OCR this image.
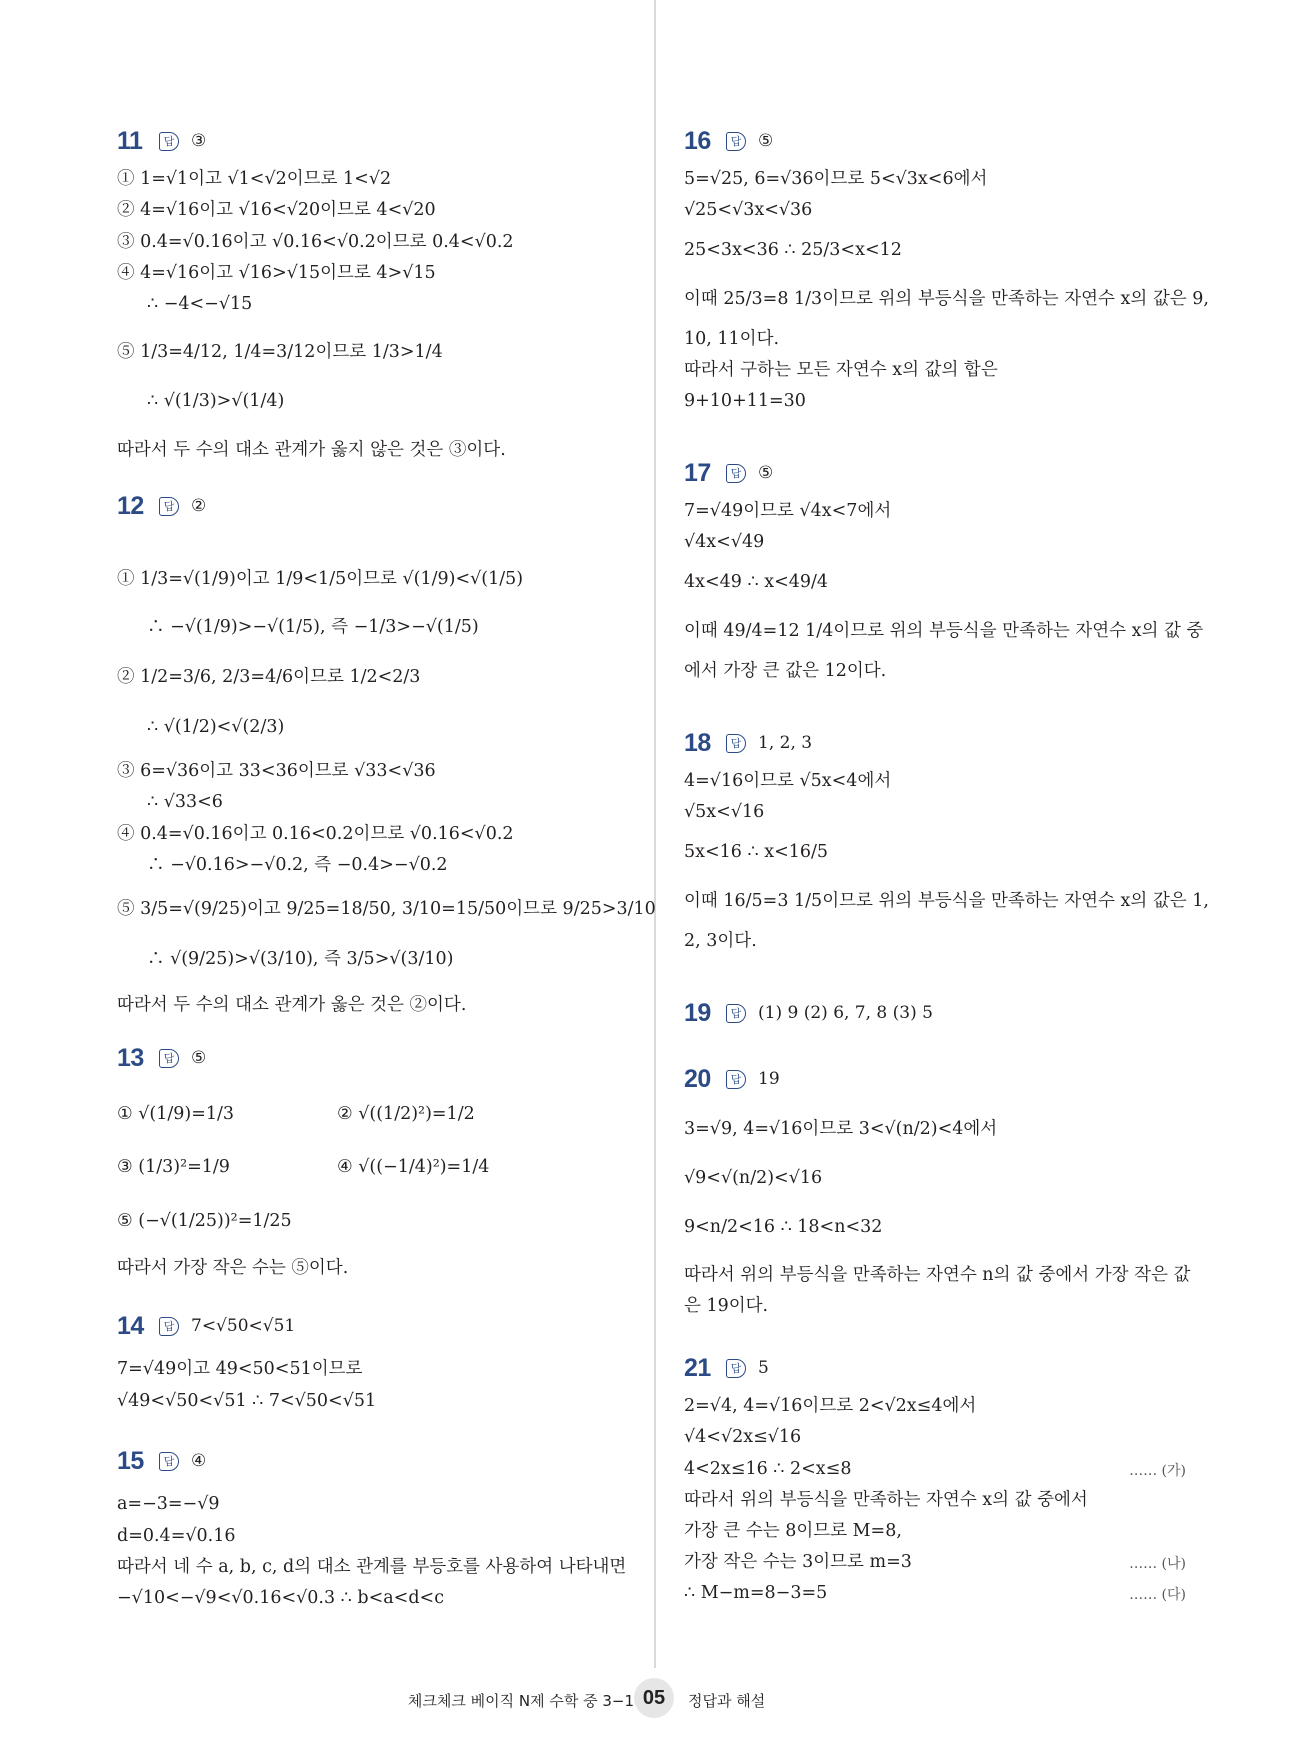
11	답 ③
① 1=√1이고 √1<√2이므로 1<√2
② 4=√16이고 √16<√20이므로 4<√20
③ 0.4=√0.16이고 √0.16<√0.2이므로 0.4<√0.2
④ 4=√16이고 √16>√15이므로 4>√15
∴ −4<−√15
⑤ 1/3=4/12, 1/4=3/12이므로 1/3>1/4
∴ √(1/3)>√(1/4)
따라서 두 수의 대소 관계가 옳지 않은 것은 ③이다.
12	답 ②
① 1/3=√(1/9)이고 1/9<1/5이므로 √(1/9)<√(1/5)
∴ −√(1/9)>−√(1/5), 즉 −1/3>−√(1/5)
② 1/2=3/6, 2/3=4/6이므로 1/2<2/3
∴ √(1/2)<√(2/3)
③ 6=√36이고 33<36이므로 √33<√36
∴ √33<6
④ 0.4=√0.16이고 0.16<0.2이므로 √0.16<√0.2
∴ −√0.16>−√0.2, 즉 −0.4>−√0.2
⑤ 3/5=√(9/25)이고 9/25=18/50, 3/10=15/50이므로 9/25>3/10
∴ √(9/25)>√(3/10), 즉 3/5>√(3/10)
따라서 두 수의 대소 관계가 옳은 것은 ②이다.
13	답 ⑤
① √(1/9)=1/3	② √((1/2)²)=1/2
③ (1/3)²=1/9	④ √((−1/4)²)=1/4
⑤ (−√(1/25))²=1/25
따라서 가장 작은 수는 ⑤이다.
14	답 7<√50<√51
7=√49이고 49<50<51이므로
√49<√50<√51 ∴ 7<√50<√51
15	답 ④
a=−3=−√9
d=0.4=√0.16
따라서 네 수 a, b, c, d의 대소 관계를 부등호를 사용하여 나타내면
−√10<−√9<√0.16<√0.3 ∴ b<a<d<c
16	답 ⑤
5=√25, 6=√36이므로 5<√3x<6에서
√25<√3x<√36
25<3x<36 ∴ 25/3<x<12
이때 25/3=8 1/3이므로 위의 부등식을 만족하는 자연수 x의 값은 9,
10, 11이다.
따라서 구하는 모든 자연수 x의 값의 합은
9+10+11=30
17	답 ⑤
7=√49이므로 √4x<7에서
√4x<√49
4x<49 ∴ x<49/4
이때 49/4=12 1/4이므로 위의 부등식을 만족하는 자연수 x의 값 중
에서 가장 큰 값은 12이다.
18	답 1, 2, 3
4=√16이므로 √5x<4에서
√5x<√16
5x<16 ∴ x<16/5
이때 16/5=3 1/5이므로 위의 부등식을 만족하는 자연수 x의 값은 1,
2, 3이다.
19	답 (1) 9 (2) 6, 7, 8 (3) 5
20	답 19
3=√9, 4=√16이므로 3<√(n/2)<4에서
√9<√(n/2)<√16
9<n/2<16 ∴ 18<n<32
따라서 위의 부등식을 만족하는 자연수 n의 값 중에서 가장 작은 값
은 19이다.
21	답 5
2=√4, 4=√16이므로 2<√2x≤4에서
√4<√2x≤√16
4<2x≤16 ∴ 2<x≤8	…… (가)
따라서 위의 부등식을 만족하는 자연수 x의 값 중에서
가장 큰 수는 8이므로 M=8,
가장 작은 수는 3이므로 m=3	…… (나)
∴ M−m=8−3=5	…… (다)
체크체크 베이직 N제 수학 중 3−1 05	정답과 해설
